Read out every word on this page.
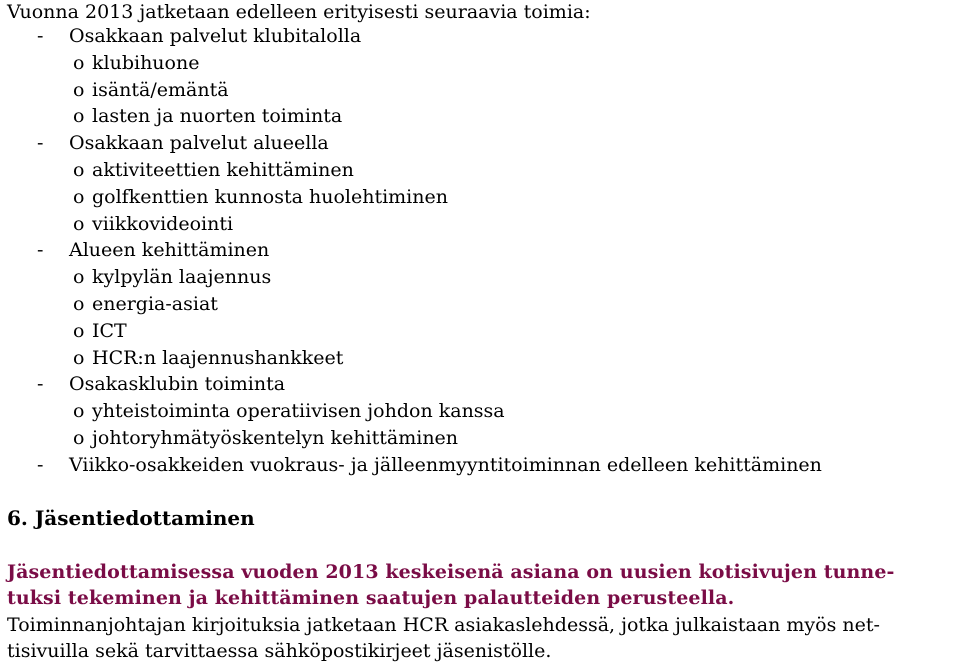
Vuonna 2013 jatketaan edelleen erityisesti seuraavia toimia:
- Osakkaan palvelut klubitalolla
o klubihuone
o isäntä/emäntä
o lasten ja nuorten toiminta
- Osakkaan palvelut alueella
o aktiviteettien kehittäminen
o golfkenttien kunnosta huolehtiminen
o viikkovideointi
- Alueen kehittäminen
o kylpylän laajennus
o energia-asiat
o ICT
o HCR:n laajennushankkeet
- Osakasklubin toiminta
o yhteistoiminta operatiivisen johdon kanssa
o johtoryhmätyöskentelyn kehittäminen
- Viikko-osakkeiden vuokraus- ja jälleenmyyntitoiminnan edelleen kehittäminen
6. Jäsentiedottaminen
Jäsentiedottamisessa vuoden 2013 keskeisenä asiana on uusien kotisivujen tunne-
tuksi tekeminen ja kehittäminen saatujen palautteiden perusteella.
Toiminnanjohtajan kirjoituksia jatketaan HCR asiakaslehdessä, jotka julkaistaan myös net-
tisivuilla sekä tarvittaessa sähköpostikirjeet jäsenistölle.
